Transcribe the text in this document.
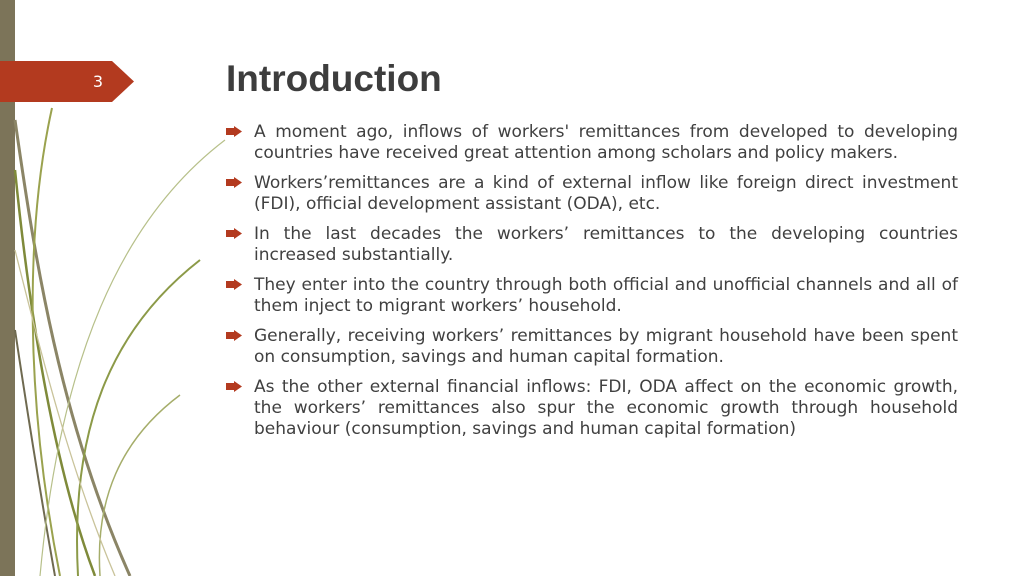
3	Introduction
A moment ago, inflows of workers' remittances from developed to developing countries have received great attention among scholars and policy makers.
Workers’remittances are a kind of external inflow like foreign direct investment (FDI), official development assistant (ODA), etc.
In the last decades the workers’ remittances to the developing countries increased substantially.
They enter into the country through both official and unofficial channels and all of them inject to migrant workers’ household.
Generally, receiving workers’ remittances by migrant household have been spent on consumption, savings and human capital formation.
As the other external financial inflows: FDI, ODA affect on the economic growth, the workers’ remittances also spur the economic growth through household behaviour (consumption, savings and human capital formation)
